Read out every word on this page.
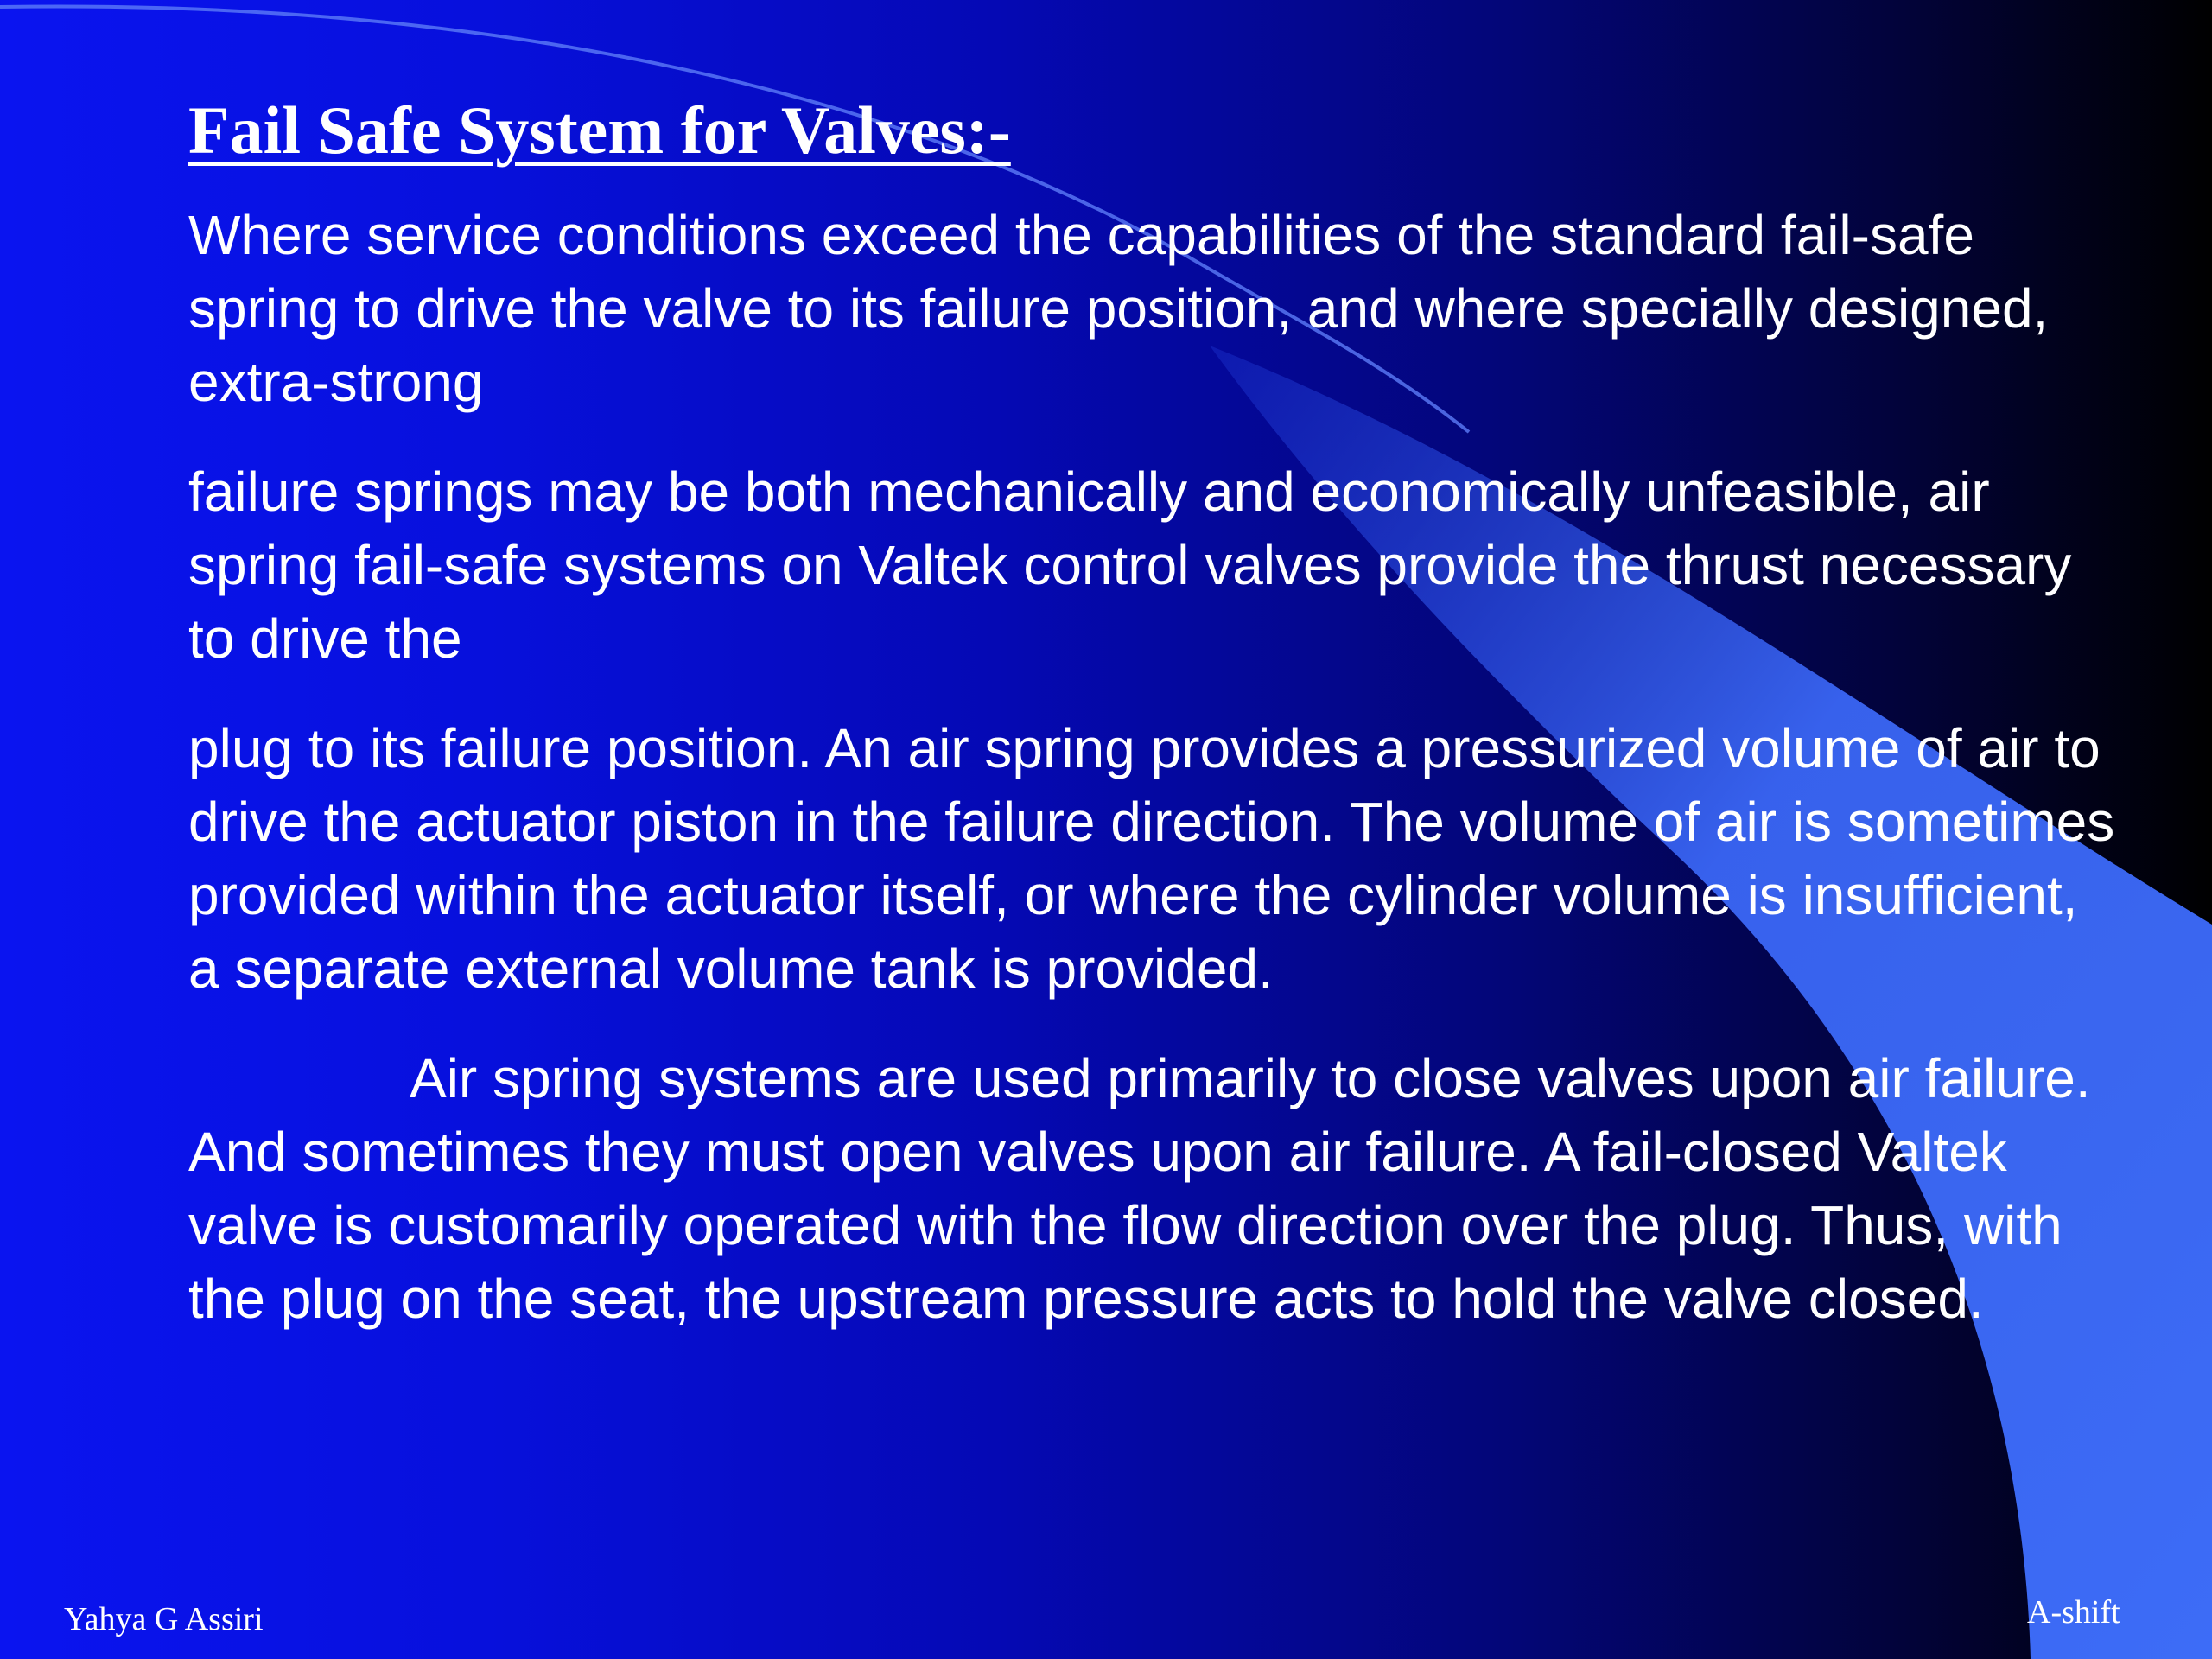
Fail Safe System for Valves:-

Where service conditions exceed the capabilities of the standard fail-safe spring to drive the valve to its failure position, and where specially designed, extra-strong

failure springs may be both mechanically and economically unfeasible, air spring fail-safe systems on Valtek control valves provide the thrust necessary to drive the

plug to its failure position. An air spring provides a pressurized volume of air to drive the actuator piston in the failure direction. The volume of air is sometimes provided within the actuator itself, or where the cylinder volume is insufficient, a separate external volume tank is provided.

Air spring systems are used primarily to close valves upon air failure. And sometimes they must open valves upon air failure. A fail-closed Valtek valve is customarily operated with the flow direction over the plug. Thus, with the plug on the seat, the upstream pressure acts to hold the valve closed.

Yahya G Assiri	A-shift
